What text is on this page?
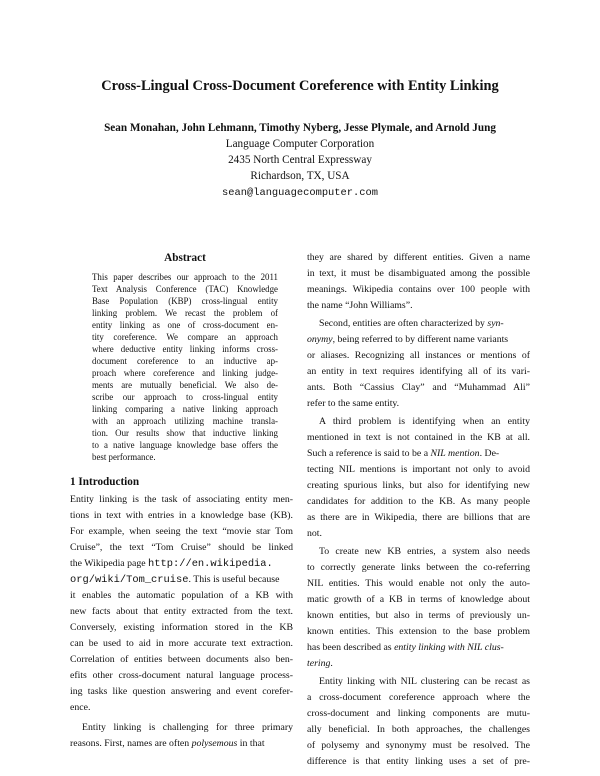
Cross-Lingual Cross-Document Coreference with Entity Linking
Sean Monahan, John Lehmann, Timothy Nyberg, Jesse Plymale, and Arnold Jung
Language Computer Corporation
2435 North Central Expressway
Richardson, TX, USA
sean@languagecomputer.com
Abstract
This paper describes our approach to the 2011
Text Analysis Conference (TAC) Knowledge
Base Population (KBP) cross-lingual entity
linking problem. We recast the problem of
entity linking as one of cross-document en-
tity coreference. We compare an approach
where deductive entity linking informs cross-
document coreference to an inductive ap-
proach where coreference and linking judge-
ments are mutually beneficial. We also de-
scribe our approach to cross-lingual entity
linking comparing a native linking approach
with an approach utilizing machine transla-
tion. Our results show that inductive linking
to a native language knowledge base offers the
best performance.
1 Introduction
Entity linking is the task of associating entity men-
tions in text with entries in a knowledge base (KB).
For example, when seeing the text “movie star Tom
Cruise”, the text “Tom Cruise” should be linked
the Wikipedia page http://en.wikipedia.
org/wiki/Tom_cruise. This is useful because
it enables the automatic population of a KB with
new facts about that entity extracted from the text.
Conversely, existing information stored in the KB
can be used to aid in more accurate text extraction.
Correlation of entities between documents also ben-
efits other cross-document natural language process-
ing tasks like question answering and event corefer-
ence.
Entity linking is challenging for three primary
reasons. First, names are often polysemous in that
they are shared by different entities. Given a name
in text, it must be disambiguated among the possible
meanings. Wikipedia contains over 100 people with
the name “John Williams”.
Second, entities are often characterized by syn-
onymy, being referred to by different name variants
or aliases. Recognizing all instances or mentions of
an entity in text requires identifying all of its vari-
ants. Both “Cassius Clay” and “Muhammad Ali”
refer to the same entity.
A third problem is identifying when an entity
mentioned in text is not contained in the KB at all.
Such a reference is said to be a NIL mention. De-
tecting NIL mentions is important not only to avoid
creating spurious links, but also for identifying new
candidates for addition to the KB. As many people
as there are in Wikipedia, there are billions that are
not.
To create new KB entries, a system also needs
to correctly generate links between the co-referring
NIL entities. This would enable not only the auto-
matic growth of a KB in terms of knowledge about
known entities, but also in terms of previously un-
known entities. This extension to the base problem
has been described as entity linking with NIL clus-
tering.
Entity linking with NIL clustering can be recast as
a cross-document coreference approach where the
cross-document and linking components are mutu-
ally beneficial. In both approaches, the challenges
of polysemy and synonymy must be resolved. The
difference is that entity linking uses a set of pre-
